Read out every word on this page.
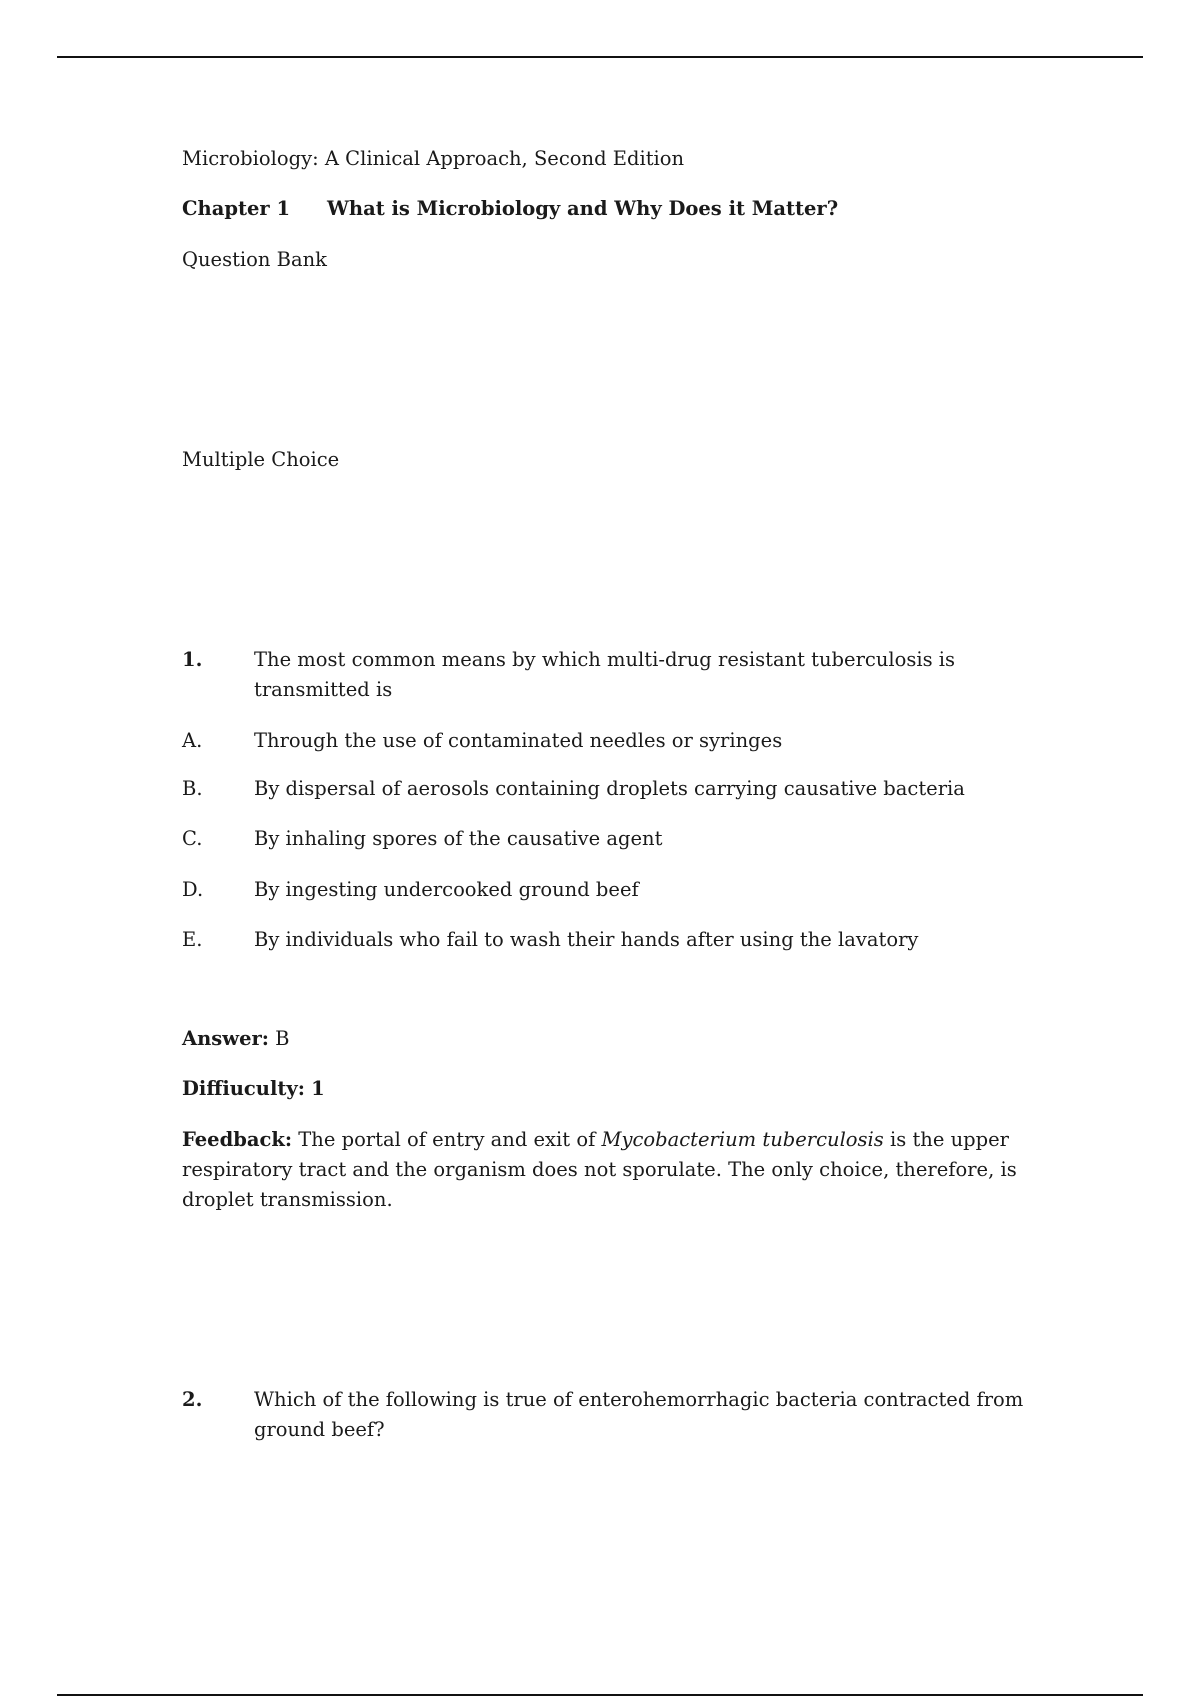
Microbiology: A Clinical Approach, Second Edition
Chapter 1 What is Microbiology and Why Does it Matter?
Question Bank
Multiple Choice
1.	The most common means by which multi-drug resistant tuberculosis is transmitted is
A.	Through the use of contaminated needles or syringes
B.	By dispersal of aerosols containing droplets carrying causative bacteria
C.	By inhaling spores of the causative agent
D.	By ingesting undercooked ground beef
E.	By individuals who fail to wash their hands after using the lavatory
Answer: B
Diffiuculty: 1
Feedback: The portal of entry and exit of Mycobacterium tuberculosis is the upper respiratory tract and the organism does not sporulate. The only choice, therefore, is droplet transmission.
2.	Which of the following is true of enterohemorrhagic bacteria contracted from ground beef?
